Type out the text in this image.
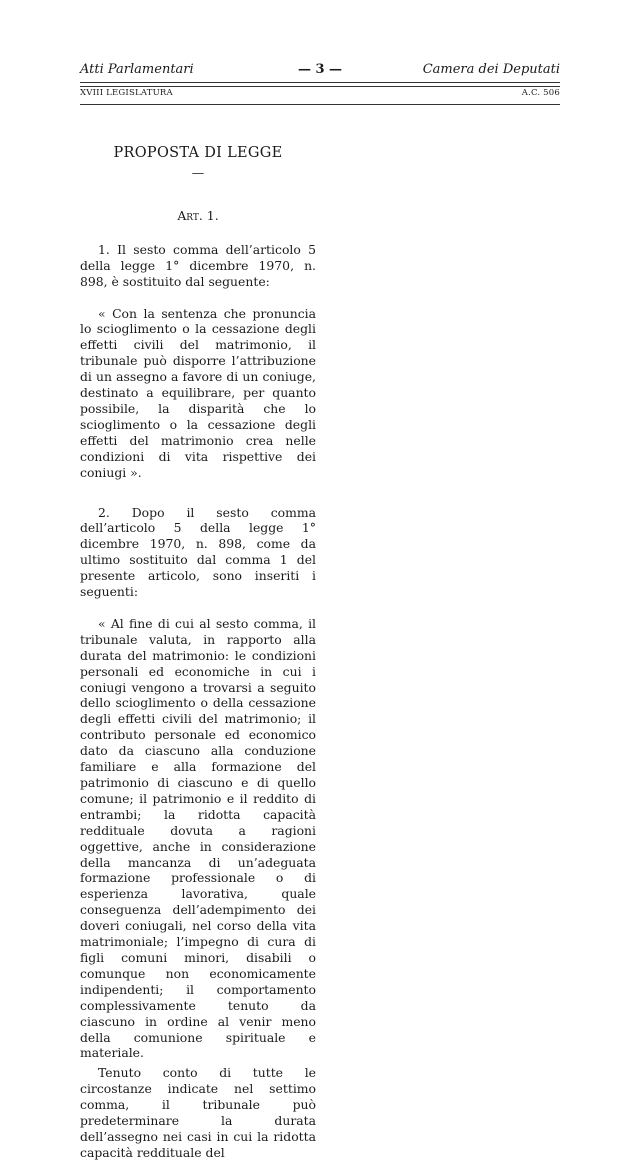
Atti Parlamentari	— 3 —	Camera dei Deputati
XVIII LEGISLATURA	A.C. 506
PROPOSTA DI LEGGE
—
Art. 1.

1. Il sesto comma dell’articolo 5 della legge 1° dicembre 1970, n. 898, è sostituito dal seguente:

« Con la sentenza che pronuncia lo scioglimento o la cessazione degli effetti civili del matrimonio, il tribunale può disporre l’attribuzione di un assegno a favore di un coniuge, destinato a equilibrare, per quanto possibile, la disparità che lo scioglimento o la cessazione degli effetti del matrimonio crea nelle condizioni di vita rispettive dei coniugi ».

2. Dopo il sesto comma dell’articolo 5 della legge 1° dicembre 1970, n. 898, come da ultimo sostituito dal comma 1 del presente articolo, sono inseriti i seguenti:

« Al fine di cui al sesto comma, il tribunale valuta, in rapporto alla durata del matrimonio: le condizioni personali ed economiche in cui i coniugi vengono a trovarsi a seguito dello scioglimento o della cessazione degli effetti civili del matrimonio; il contributo personale ed economico dato da ciascuno alla conduzione familiare e alla formazione del patrimonio di ciascuno e di quello comune; il patrimonio e il reddito di entrambi; la ridotta capacità reddituale dovuta a ragioni oggettive, anche in considerazione della mancanza di un’adeguata formazione professionale o di esperienza lavorativa, quale conseguenza dell’adempimento dei doveri coniugali, nel corso della vita matrimoniale; l’impegno di cura di figli comuni minori, disabili o comunque non economicamente indipendenti; il comportamento complessivamente tenuto da ciascuno in ordine al venir meno della comunione spirituale e materiale.

Tenuto conto di tutte le circostanze indicate nel settimo comma, il tribunale può predeterminare la durata dell’assegno nei casi in cui la ridotta capacità reddituale del
